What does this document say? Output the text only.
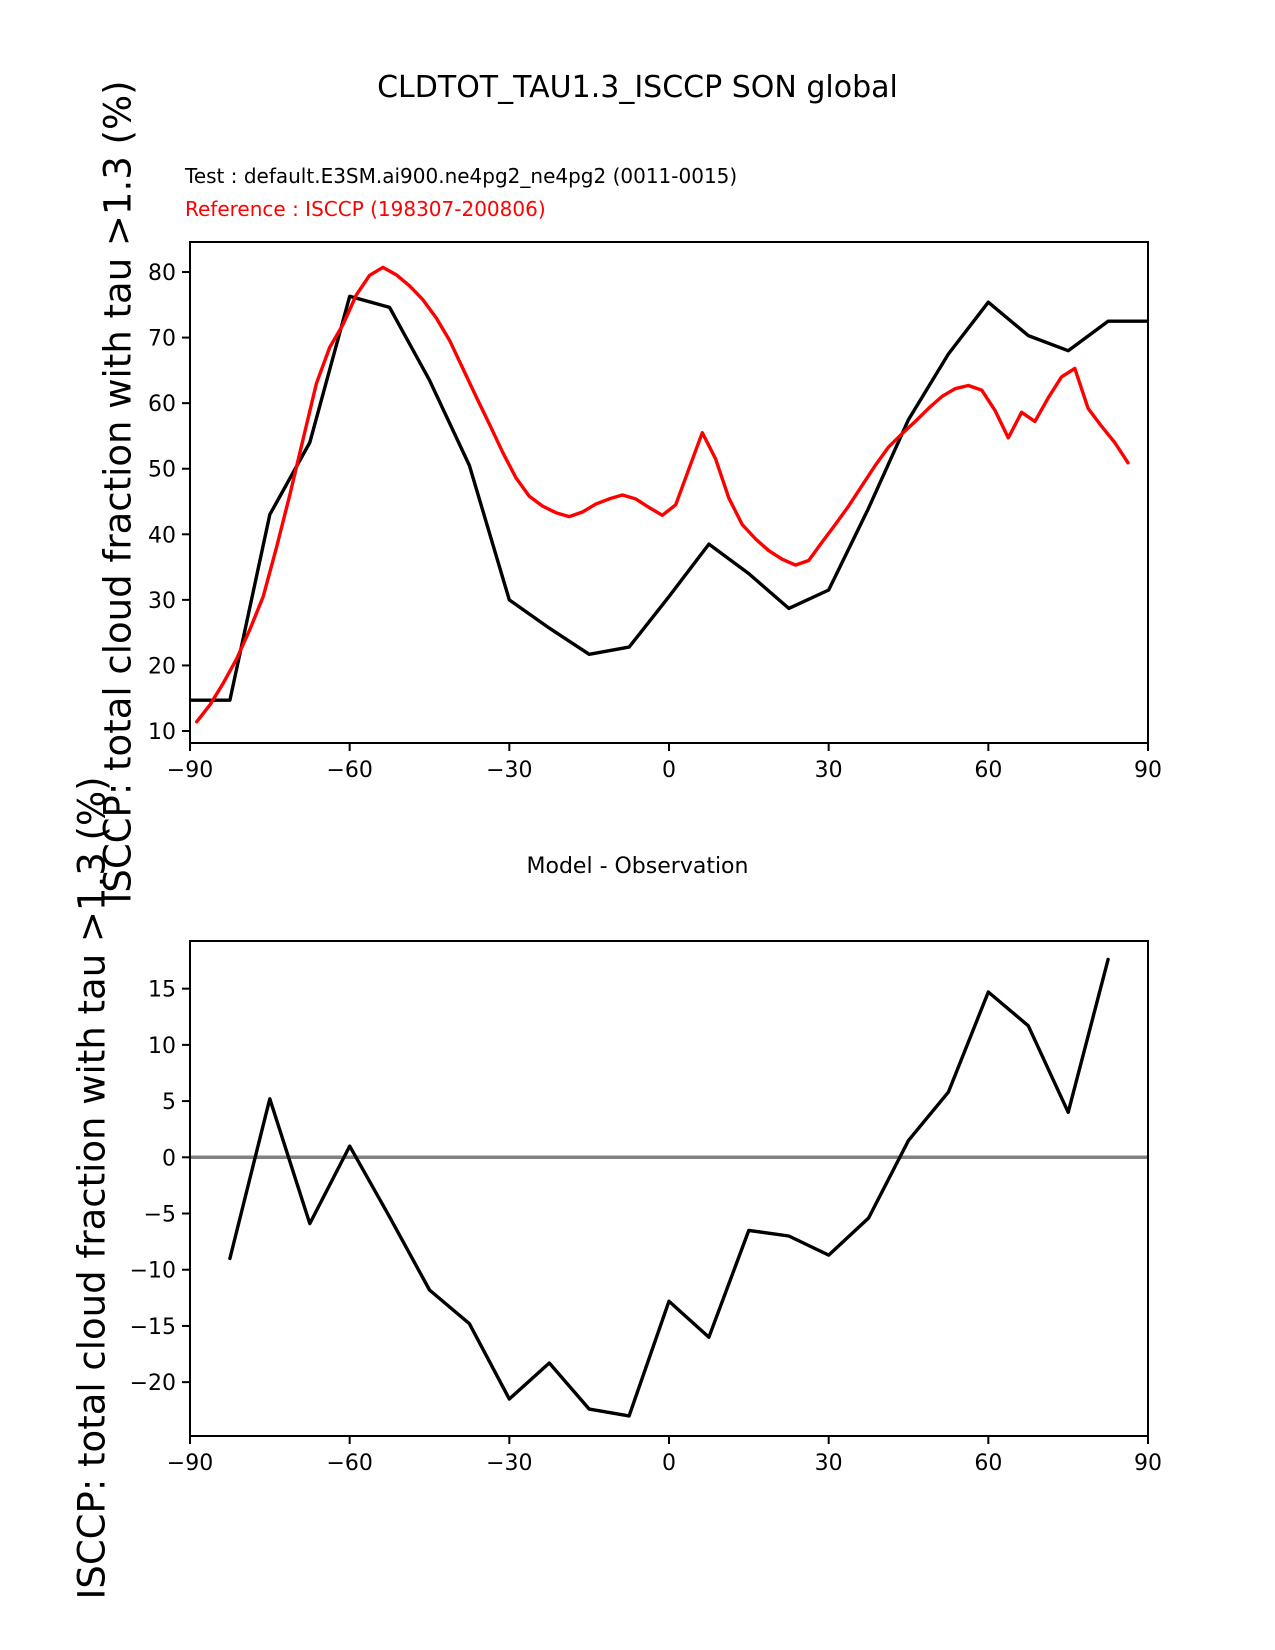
−90	−60	−30	0	30	60	90
10
20
30
40
50
60
70
80
−90	−60	−30	0	30	60	90
−20
−15
−10
−5
0
5
10
15
CLDTOT_TAU1.3_ISCCP SON global
Test : default.E3SM.ai900.ne4pg2_ne4pg2 (0011-0015)
Reference : ISCCP (198307-200806)
ISCCP: total cloud fraction with tau >1.3 (%)	Model - Observation
ISCCP: total cloud fraction with tau >1.3 (%)
